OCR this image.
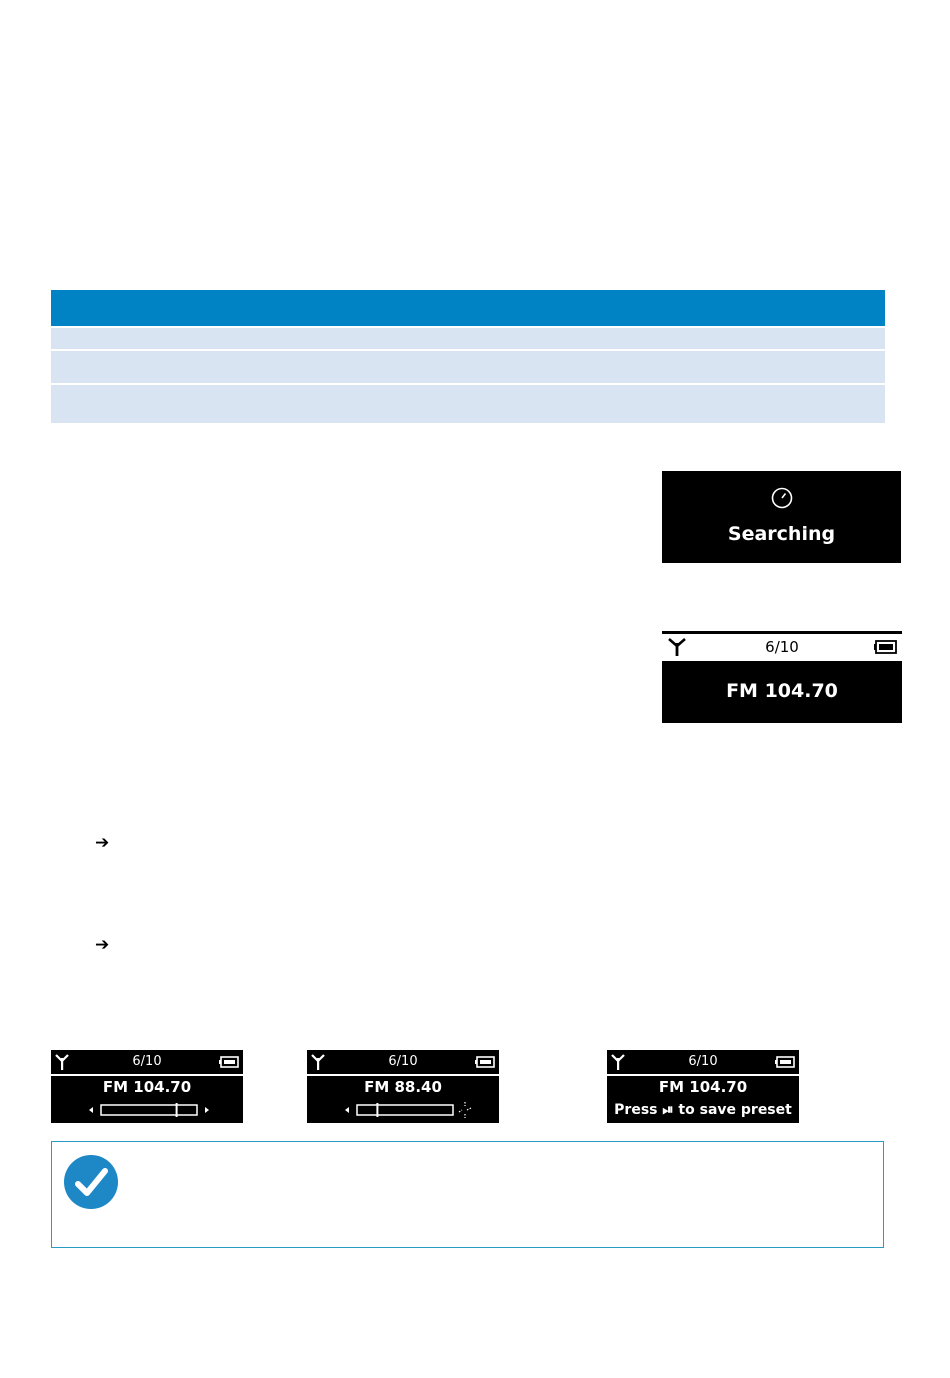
Searching
6/10
FM 104.70
6/10
FM 104.70
6/10
FM 88.40
6/10
FM 104.70
Press ⏯ to save preset
➔
➔
